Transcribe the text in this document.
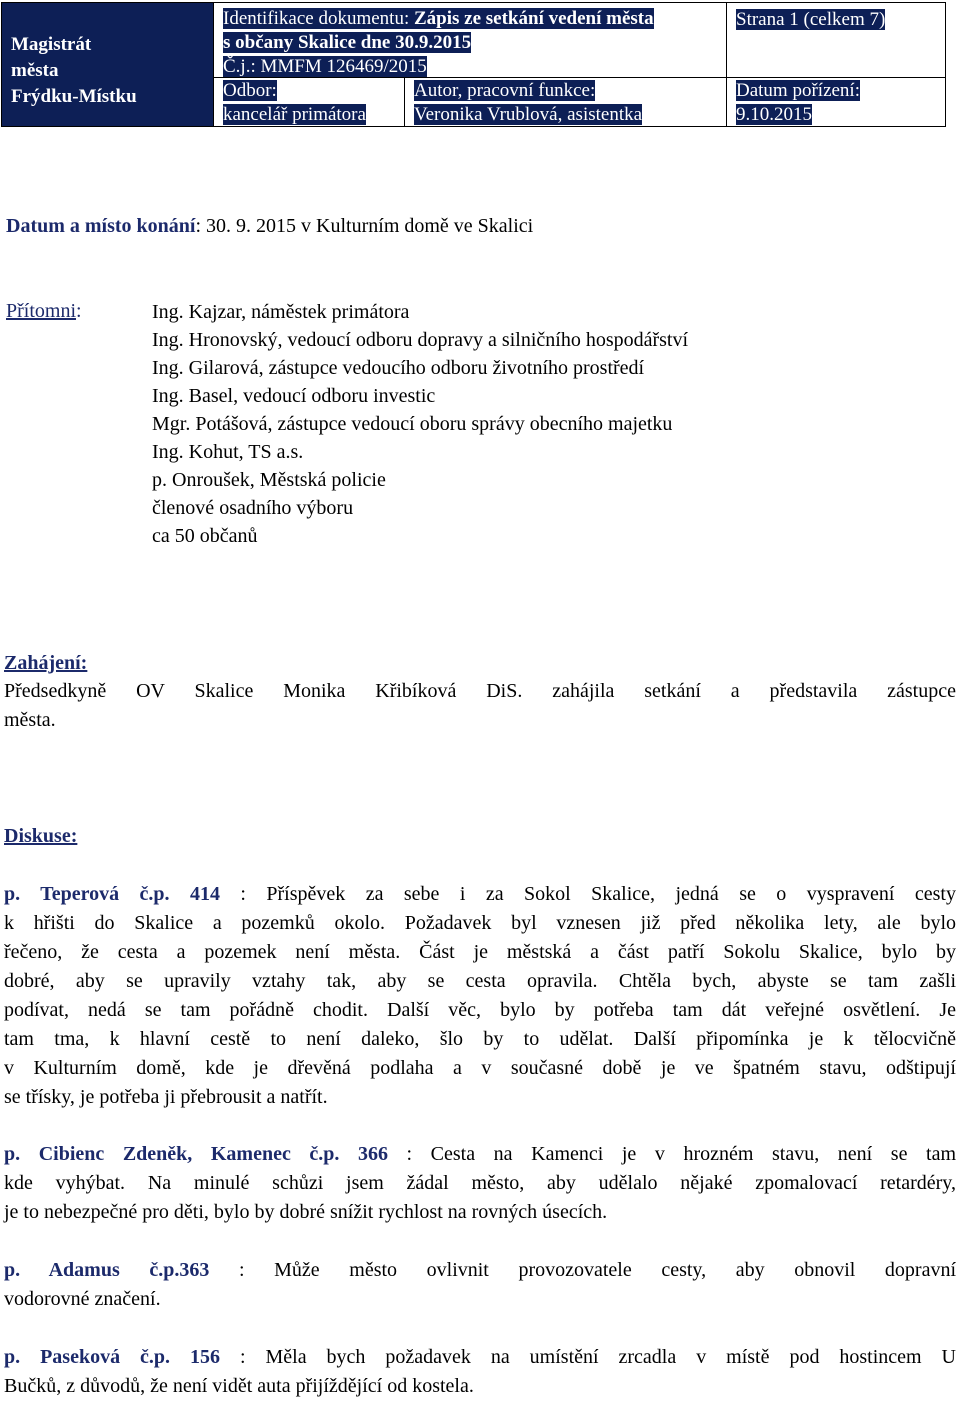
Magistrát
města
Frýdku-Místku
Identifikace dokumentu: Zápis ze setkání vedení města
s občany Skalice dne 30.9.2015
Č.j.: MMFM 126469/2015
Odbor:
kancelář primátora
Autor, pracovní funkce:
Veronika Vrublová, asistentka
Strana 1 (celkem 7)
Datum pořízení:
9.10.2015
Datum a místo konání: 30. 9. 2015 v Kulturním domě ve Skalici
Přítomni:	Ing. Kajzar, náměstek primátora
Ing. Hronovský, vedoucí odboru dopravy a silničního hospodářství
Ing. Gilarová, zástupce vedoucího odboru životního prostředí
Ing. Basel, vedoucí odboru investic
Mgr. Potášová, zástupce vedoucí oboru správy obecního majetku
Ing. Kohut, TS a.s.
p. Onroušek, Městská policie
členové osadního výboru
ca 50 občanů
Zahájení:
Předsedkyně OV Skalice Monika Křibíková DiS. zahájila setkání a představila zástupce
města.
Diskuse:
p. Teperová č.p. 414 : Příspěvek za sebe i za Sokol Skalice, jedná se o vyspravení cesty
k hřišti do Skalice a pozemků okolo. Požadavek byl vznesen již před několika lety, ale bylo
řečeno, že cesta a pozemek není města. Část je městská a část patří Sokolu Skalice, bylo by
dobré, aby se upravily vztahy tak, aby se cesta opravila. Chtěla bych, abyste se tam zašli
podívat, nedá se tam pořádně chodit. Další věc, bylo by potřeba tam dát veřejné osvětlení. Je
tam tma, k hlavní cestě to není daleko, šlo by to udělat. Další připomínka je k tělocvičně
v Kulturním domě, kde je dřevěná podlaha a v současné době je ve špatném stavu, odštipují
se třísky, je potřeba ji přebrousit a natřít.
p. Cibienc Zdeněk, Kamenec č.p. 366 : Cesta na Kamenci je v hrozném stavu, není se tam
kde vyhýbat. Na minulé schůzi jsem žádal město, aby udělalo nějaké zpomalovací retardéry,
je to nebezpečné pro děti, bylo by dobré snížit rychlost na rovných úsecích.
p. Adamus č.p.363 : Může město ovlivnit provozovatele cesty, aby obnovil dopravní
vodorovné značení.
p. Paseková č.p. 156 : Měla bych požadavek na umístění zrcadla v místě pod hostincem U
Bučků, z důvodů, že není vidět auta přijíždějící od kostela.
